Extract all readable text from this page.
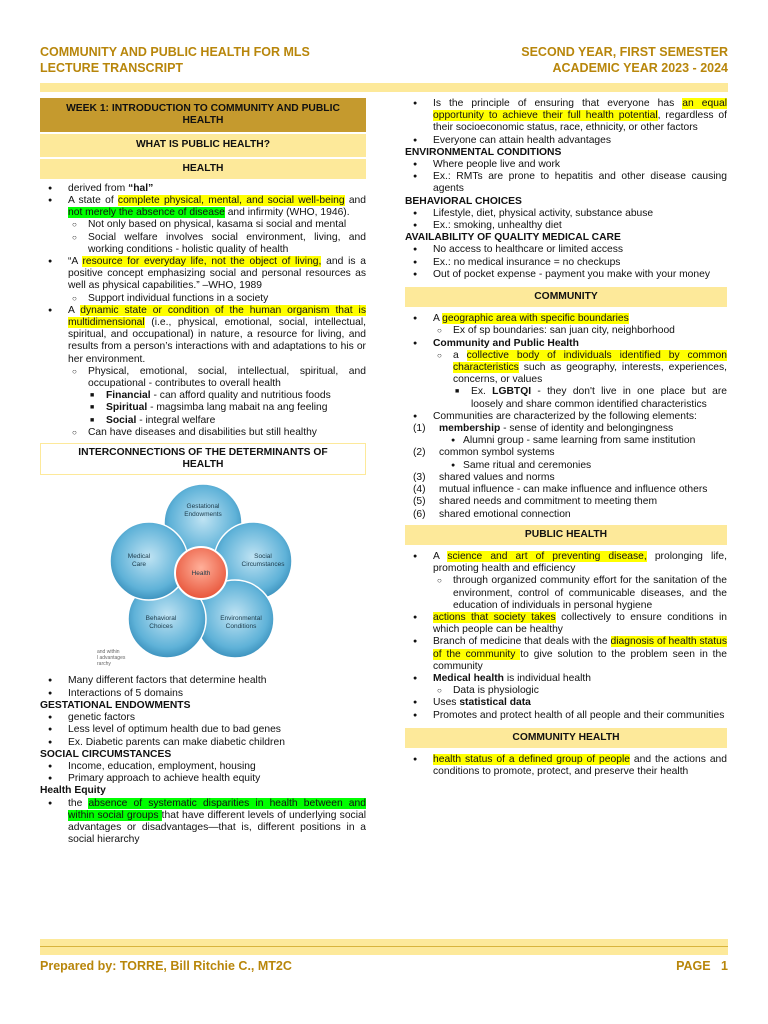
COMMUNITY AND PUBLIC HEALTH FOR MLS
LECTURE TRANSCRIPT
SECOND YEAR, FIRST SEMESTER
ACADEMIC YEAR 2023 - 2024
WEEK 1: INTRODUCTION TO COMMUNITY AND PUBLIC HEALTH
WHAT IS PUBLIC HEALTH?
HEALTH
● derived from “hal”
● A state of complete physical, mental, and social well-being and not merely the absence of disease and infirmity (WHO, 1946).
○ Not only based on physical, kasama si social and mental
○ Social welfare involves social environment, living, and working conditions - holistic quality of health
● “A resource for everyday life, not the object of living, and is a positive concept emphasizing social and personal resources as well as physical capabilities.” –WHO, 1989
○ Support individual functions in a society
● A dynamic state or condition of the human organism that is multidimensional (i.e., physical, emotional, social, intellectual, spiritual, and occupational) in nature, a resource for living, and results from a person’s interactions with and adaptations to his or her environment.
○ Physical, emotional, social, intellectual, spiritual, and occupational - contributes to overall health
■ Financial - can afford quality and nutritious foods
■ Spiritual - magsimba lang mabait na ang feeling
■ Social - integral welfare
○ Can have diseases and disabilities but still healthy
INTERCONNECTIONS OF THE DETERMINANTS OF HEALTH
Health
Gestational
Endowments
Social
Circumstances
Environmental
Conditions
Behavioral
Choices
Medical
Care
and within
l advantages
rarchy
● Many different factors that determine health
● Interactions of 5 domains
GESTATIONAL ENDOWMENTS
● genetic factors
● Less level of optimum health due to bad genes
● Ex. Diabetic parents can make diabetic children
SOCIAL CIRCUMSTANCES
● Income, education, employment, housing
● Primary approach to achieve health equity
Health Equity
● the absence of systematic disparities in health between and within social groups that have different levels of underlying social advantages or disadvantages—that is, different positions in a social hierarchy
● Is the principle of ensuring that everyone has an equal opportunity to achieve their full health potential, regardless of their socioeconomic status, race, ethnicity, or other factors
● Everyone can attain health advantages
ENVIRONMENTAL CONDITIONS
● Where people live and work
● Ex.: RMTs are prone to hepatitis and other disease causing agents
BEHAVIORAL CHOICES
● Lifestyle, diet, physical activity, substance abuse
● Ex.: smoking, unhealthy diet
AVAILABILITY OF QUALITY MEDICAL CARE
● No access to healthcare or limited access
● Ex.: no medical insurance = no checkups
● Out of pocket expense - payment you make with your money
COMMUNITY
● A geographic area with specific boundaries
○ Ex of sp boundaries: san juan city, neighborhood
● Community and Public Health
○ a collective body of individuals identified by common characteristics such as geography, interests, experiences, concerns, or values
■ Ex. LGBTQI - they don't live in one place but are loosely and share common identified characteristics
● Communities are characterized by the following elements:
(1) membership - sense of identity and belongingness
● Alumni group - same learning from same institution
(2) common symbol systems
● Same ritual and ceremonies
(3) shared values and norms
(4) mutual influence - can make influence and influence others
(5) shared needs and commitment to meeting them
(6) shared emotional connection
PUBLIC HEALTH
● A science and art of preventing disease, prolonging life, promoting health and efficiency
○ through organized community effort for the sanitation of the environment, control of communicable diseases, and the education of individuals in personal hygiene
● actions that society takes collectively to ensure conditions in which people can be healthy
● Branch of medicine that deals with the diagnosis of health status of the community to give solution to the problem seen in the community
● Medical health is individual health
○ Data is physiologic
● Uses statistical data
● Promotes and protect health of all people and their communities
COMMUNITY HEALTH
● health status of a defined group of people and the actions and conditions to promote, protect, and preserve their health
Prepared by: TORRE, Bill Ritchie C., MT2C	PAGE   1
